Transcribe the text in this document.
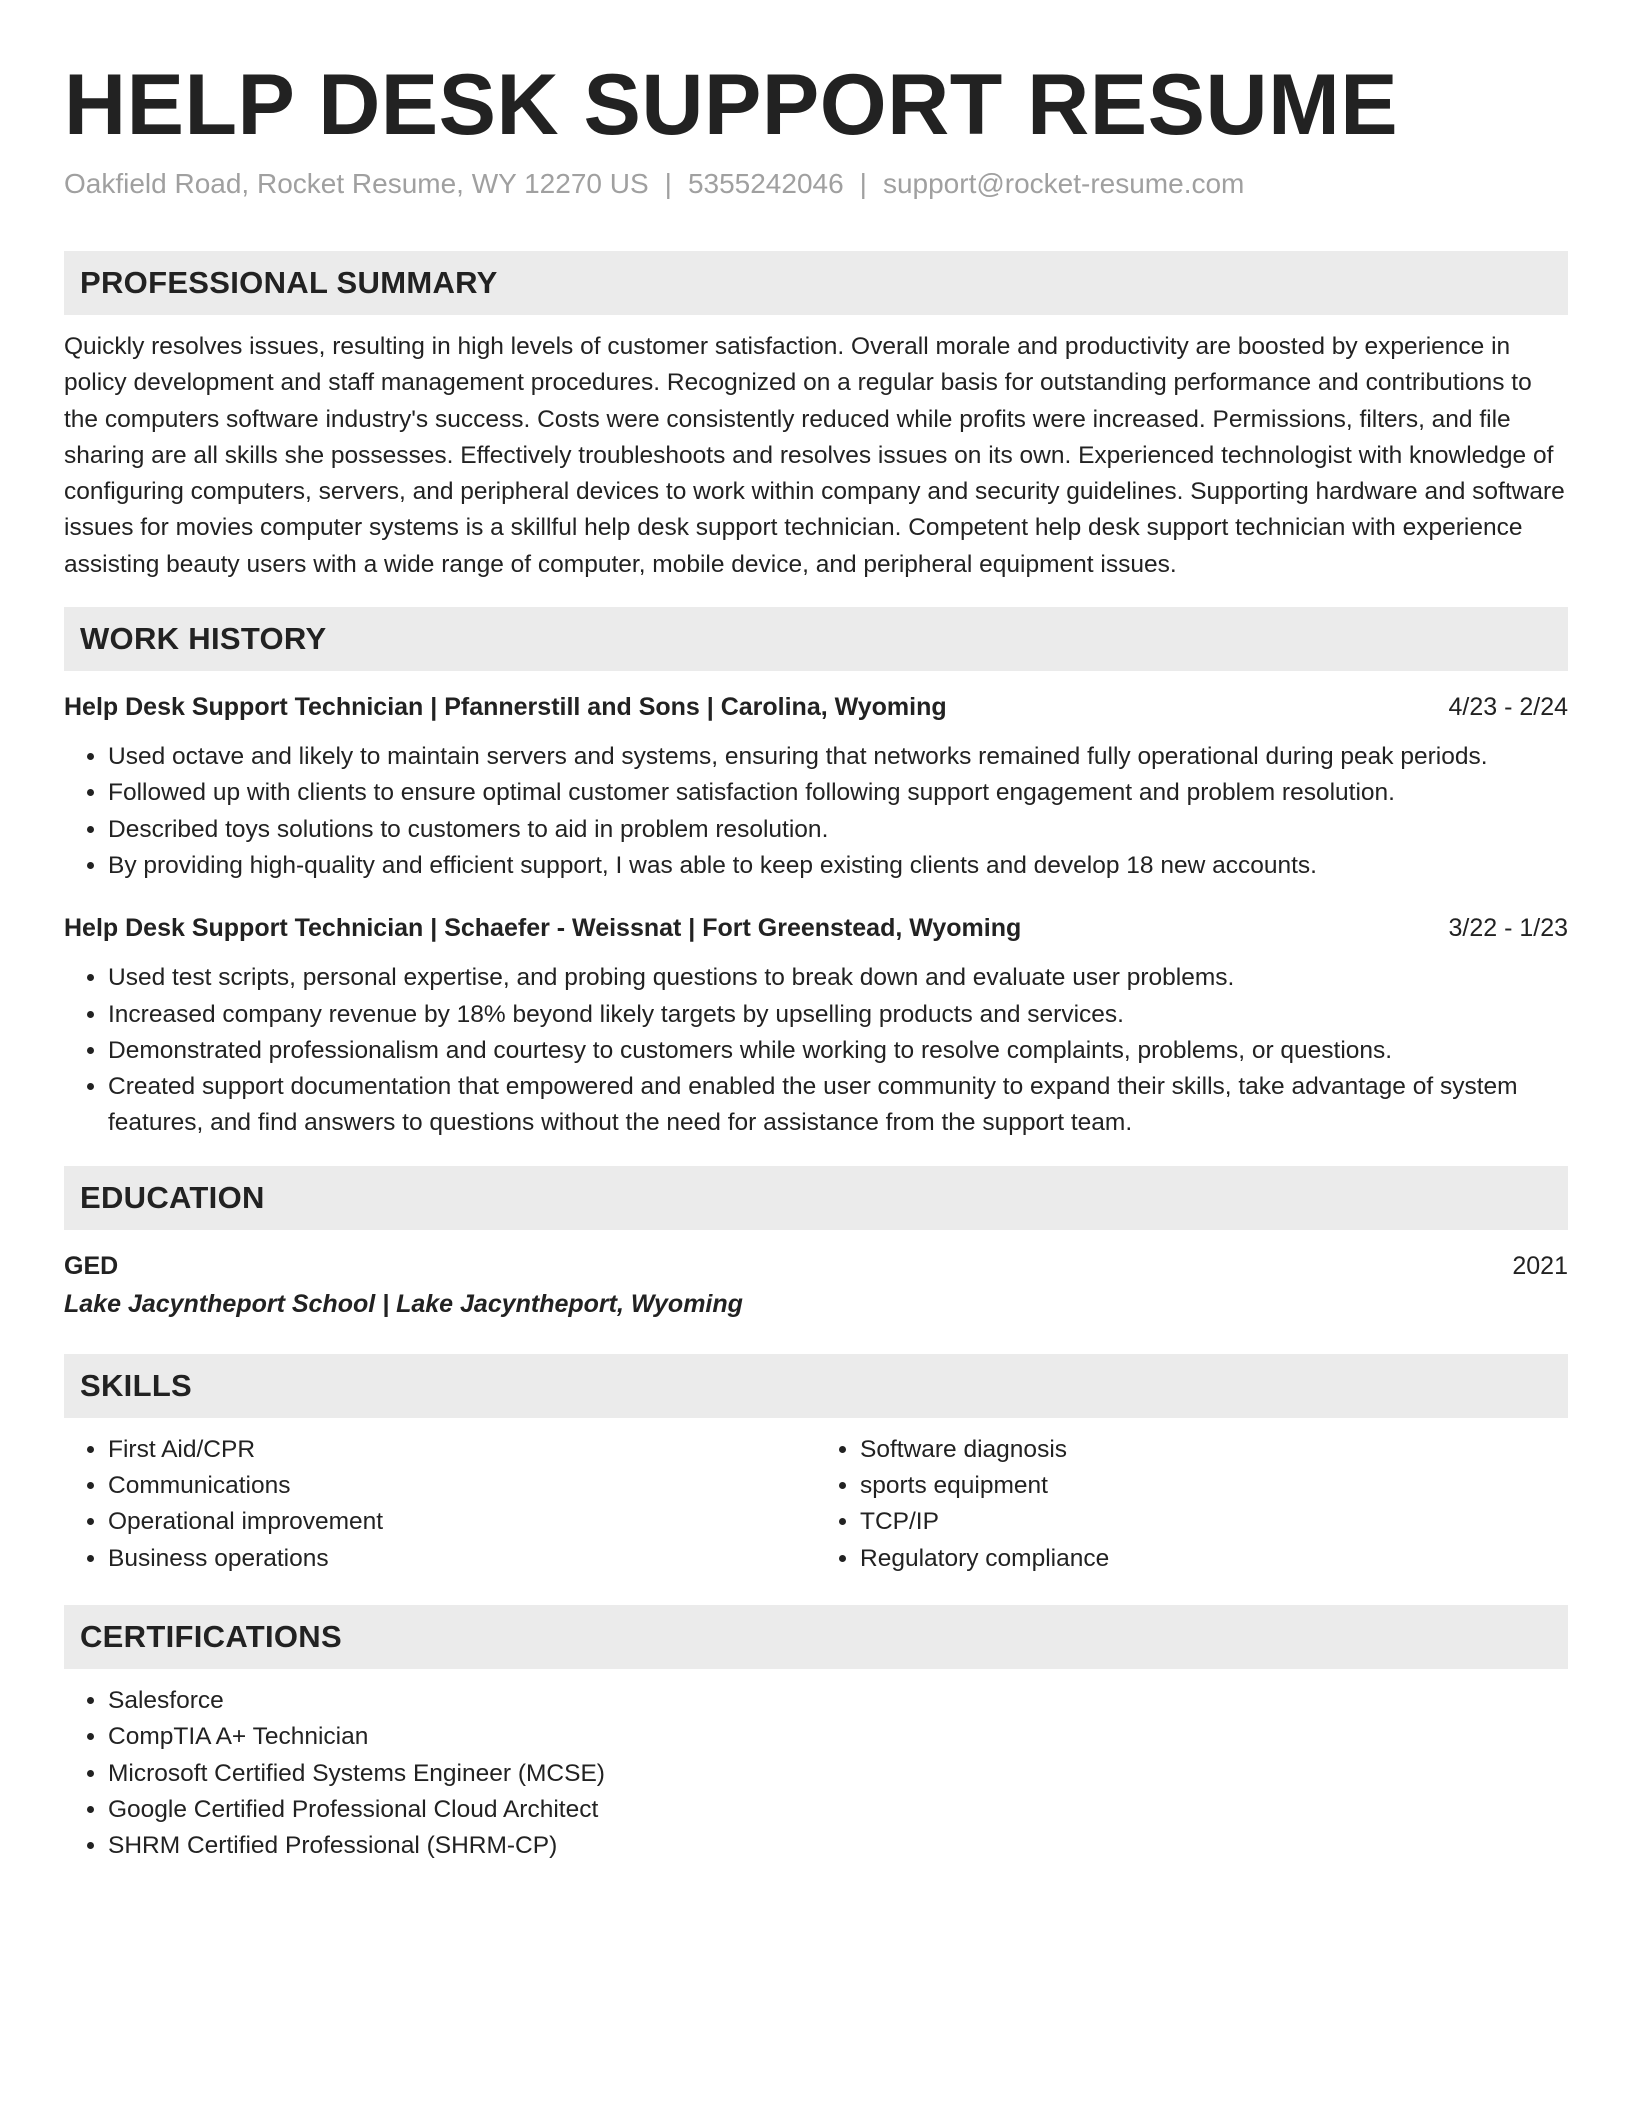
HELP DESK SUPPORT RESUME
Oakfield Road, Rocket Resume, WY 12270 US | 5355242046 | support@rocket-resume.com
PROFESSIONAL SUMMARY
Quickly resolves issues, resulting in high levels of customer satisfaction. Overall morale and productivity are boosted by experience in policy development and staff management procedures. Recognized on a regular basis for outstanding performance and contributions to the computers software industry's success. Costs were consistently reduced while profits were increased. Permissions, filters, and file sharing are all skills she possesses. Effectively troubleshoots and resolves issues on its own. Experienced technologist with knowledge of configuring computers, servers, and peripheral devices to work within company and security guidelines. Supporting hardware and software issues for movies computer systems is a skillful help desk support technician. Competent help desk support technician with experience assisting beauty users with a wide range of computer, mobile device, and peripheral equipment issues.
WORK HISTORY
Help Desk Support Technician | Pfannerstill and Sons | Carolina, Wyoming	4/23 - 2/24
• Used octave and likely to maintain servers and systems, ensuring that networks remained fully operational during peak periods.
• Followed up with clients to ensure optimal customer satisfaction following support engagement and problem resolution.
• Described toys solutions to customers to aid in problem resolution.
• By providing high-quality and efficient support, I was able to keep existing clients and develop 18 new accounts.
Help Desk Support Technician | Schaefer - Weissnat | Fort Greenstead, Wyoming	3/22 - 1/23
• Used test scripts, personal expertise, and probing questions to break down and evaluate user problems.
• Increased company revenue by 18% beyond likely targets by upselling products and services.
• Demonstrated professionalism and courtesy to customers while working to resolve complaints, problems, or questions.
• Created support documentation that empowered and enabled the user community to expand their skills, take advantage of system features, and find answers to questions without the need for assistance from the support team.
EDUCATION
GED	2021
Lake Jacyntheport School | Lake Jacyntheport, Wyoming
SKILLS
• First Aid/CPR
• Communications
• Operational improvement
• Business operations
• Software diagnosis
• sports equipment
• TCP/IP
• Regulatory compliance
CERTIFICATIONS
• Salesforce
• CompTIA A+ Technician
• Microsoft Certified Systems Engineer (MCSE)
• Google Certified Professional Cloud Architect
• SHRM Certified Professional (SHRM-CP)
